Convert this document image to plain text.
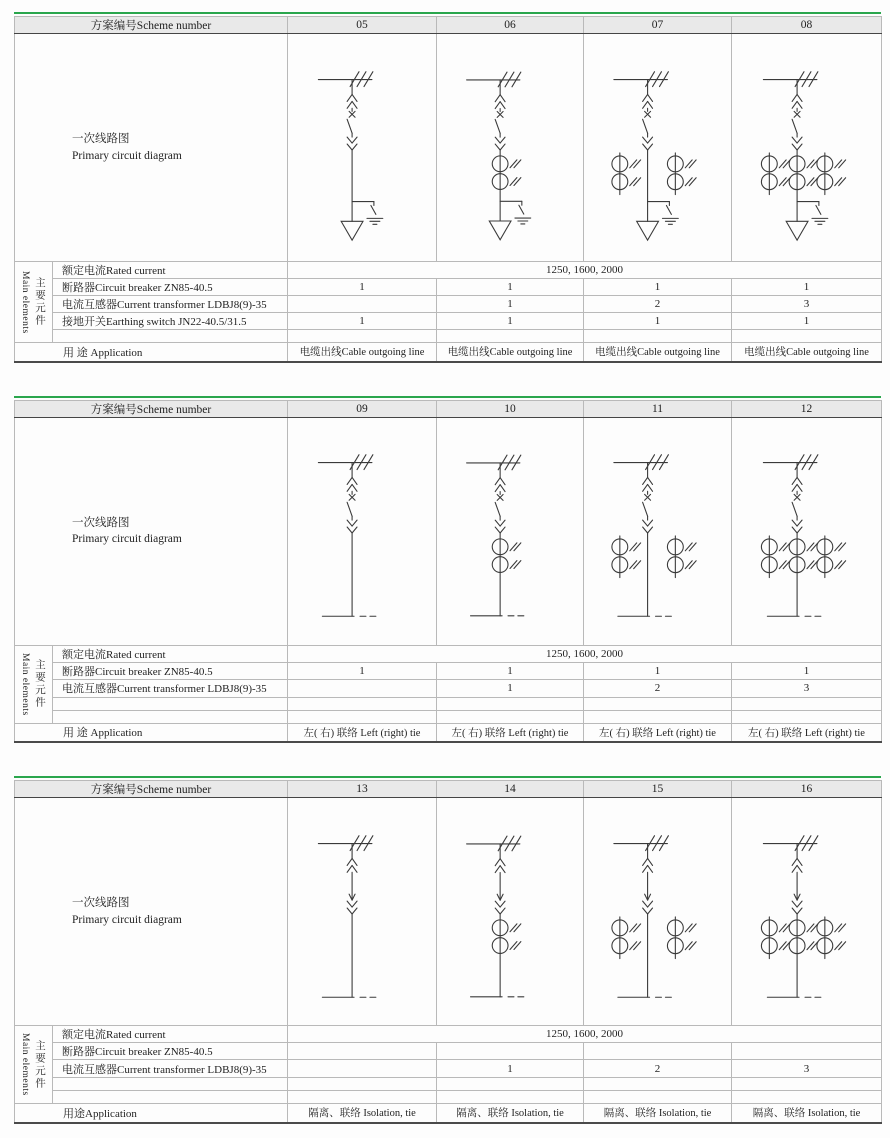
方案编号Scheme number		05	06	07	08

一次线路图
Primary circuit diagram

Main elements 主要元件	额定电流Rated current	1250, 1600, 2000			
	断路器Circuit breaker ZN85-40.5	1	1	1	1
	电流互感器Current transformer LDBJ8(9)-35		1	2	3
	接地开关Earthing switch JN22-40.5/31.5	1	1	1	1

用 途 Application		电缆出线Cable outgoing line	电缆出线Cable outgoing line	电缆出线Cable outgoing line	电缆出线Cable outgoing line
方案编号Scheme number		09	10	11	12

一次线路图
Primary circuit diagram

Main elements 主要元件	额定电流Rated current	1250, 1600, 2000			
	断路器Circuit breaker ZN85-40.5	1	1	1	1
	电流互感器Current transformer LDBJ8(9)-35		1	2	3

用 途 Application		左( 右) 联络 Left (right) tie	左( 右) 联络 Left (right) tie	左( 右) 联络 Left (right) tie	左( 右) 联络 Left (right) tie
方案编号Scheme number		13	14	15	16

一次线路图
Primary circuit diagram

Main elements 主要元件	额定电流Rated current	1250, 1600, 2000			
	断路器Circuit breaker ZN85-40.5				
	电流互感器Current transformer LDBJ8(9)-35		1	2	3

用途Application		隔离、联络 Isolation, tie	隔离、联络 Isolation, tie	隔离、联络 Isolation, tie	隔离、联络 Isolation, tie
